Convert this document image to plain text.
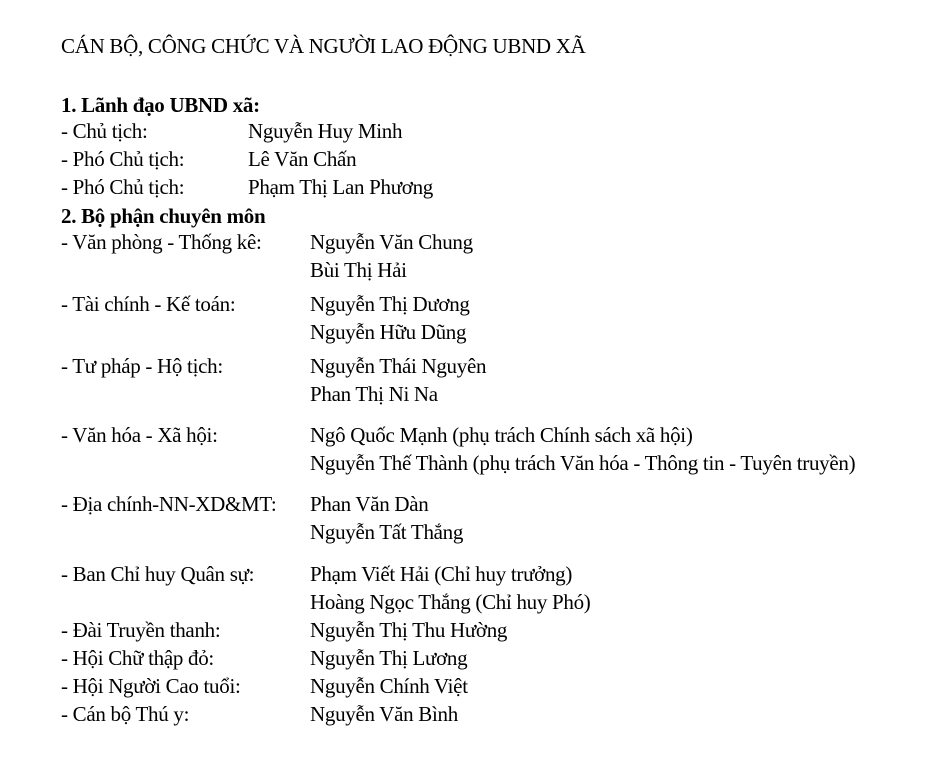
CÁN BỘ, CÔNG CHỨC VÀ NGƯỜI LAO ĐỘNG UBND XÃ
1. Lãnh đạo UBND xã:
- Chủ tịch:	Nguyễn Huy Minh
- Phó Chủ tịch:	Lê Văn Chấn
- Phó Chủ tịch:	Phạm Thị Lan Phương
2. Bộ phận chuyên môn
- Văn phòng - Thống kê: Nguyễn Văn Chung
Bùi Thị Hải
- Tài chính - Kế toán:	Nguyễn Thị Dương
Nguyễn Hữu Dũng
- Tư pháp - Hộ tịch:	Nguyễn Thái Nguyên
Phan Thị Ni Na
- Văn hóa - Xã hội:	Ngô Quốc Mạnh (phụ trách Chính sách xã hội)
Nguyễn Thế Thành (phụ trách Văn hóa - Thông tin - Tuyên truyền)
- Địa chính-NN-XD&MT: Phan Văn Dàn
Nguyễn Tất Thắng
- Ban Chỉ huy Quân sự:	Phạm Viết Hải (Chỉ huy trưởng)
Hoàng Ngọc Thắng (Chỉ huy Phó)
- Đài Truyền thanh:	Nguyễn Thị Thu Hường
- Hội Chữ thập đỏ:	Nguyễn Thị Lương
- Hội Người Cao tuổi:	Nguyễn Chính Việt
- Cán bộ Thú y:	Nguyễn Văn Bình
